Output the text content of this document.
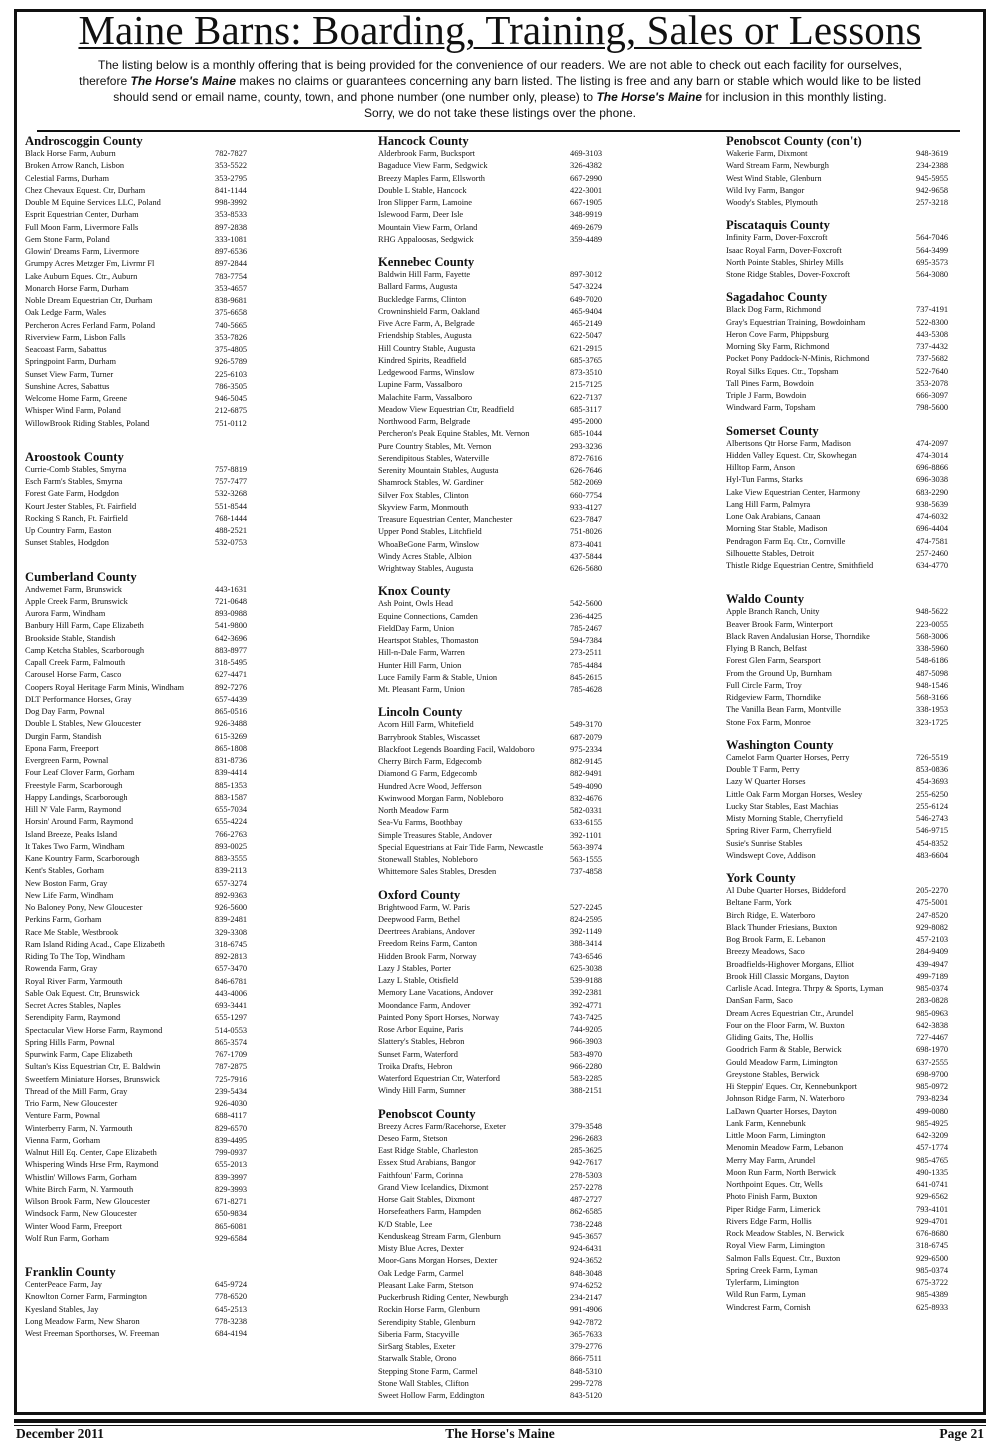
Maine Barns: Boarding, Training, Sales or Lessons
The listing below is a monthly offering that is being provided for the convenience of our readers. We are not able to check out each facility for ourselves,
therefore The Horse's Maine makes no claims or guarantees concerning any barn listed. The listing is free and any barn or stable which would like to be listed
should send or email name, county, town, and phone number (one number only, please) to The Horse's Maine for inclusion in this monthly listing.
Sorry, we do not take these listings over the phone.
Androscoggin County
Black Horse Farm, Auburn	782-7827
Broken Arrow Ranch, Lisbon	353-5522
Celestial Farms, Durham	353-2795
Chez Chevaux Equest. Ctr, Durham	841-1144
Double M Equine Services LLC, Poland	998-3992
Esprit Equestrian Center, Durham	353-8533
Full Moon Farm, Livermore Falls	897-2838
Gem Stone Farm, Poland	333-1081
Glowin' Dreams Farm, Livermore	897-6536
Grumpy Acres Metzger Fm, Livrmr Fl	897-2844
Lake Auburn Eques. Ctr., Auburn	783-7754
Monarch Horse Farm, Durham	353-4657
Noble Dream Equestrian Ctr, Durham	838-9681
Oak Ledge Farm, Wales	375-6658
Percheron Acres Ferland Farm, Poland	740-5665
Riverview Farm, Lisbon Falls	353-7826
Seacoast Farm, Sabattus	375-4805
Springpoint Farm, Durham	926-5789
Sunset View Farm, Turner	225-6103
Sunshine Acres, Sabattus	786-3505
Welcome Home Farm, Greene	946-5045
Whisper Wind Farm, Poland	212-6875
WillowBrook Riding Stables, Poland	751-0112
Aroostook County
Currie-Comb Stables, Smyrna	757-8819
Esch Farm's Stables, Smyrna	757-7477
Forest Gate Farm, Hodgdon	532-3268
Kourt Jester Stables, Ft. Fairfield	551-8544
Rocking S Ranch, Ft. Fairfield	768-1444
Up Country Farm, Easton	488-2521
Sunset Stables, Hodgdon	532-0753
Cumberland County
Andwemet Farm, Brunswick	443-1631
Apple Creek Farm, Brunswick	721-0648
Aurora Farm, Windham	893-0988
Banbury Hill Farm, Cape Elizabeth	541-9800
Brookside Stable, Standish	642-3696
Camp Ketcha Stables, Scarborough	883-8977
Capall Creek Farm, Falmouth	318-5495
Carousel Horse Farm, Casco	627-4471
Coopers Royal Heritage Farm Minis, Windham	892-7276
DLT Performance Horses, Gray	657-4439
Dog Day Farm, Pownal	865-0516
Double L Stables, New Gloucester	926-3488
Durgin Farm, Standish	615-3269
Epona Farm, Freeport	865-1808
Evergreen Farm, Pownal	831-8736
Four Leaf Clover Farm, Gorham	839-4414
Freestyle Farm, Scarborough	885-1353
Happy Landings, Scarborough	883-1587
Hill N' Vale Farm, Raymond	655-7034
Horsin' Around Farm, Raymond	655-4224
Island Breeze, Peaks Island	766-2763
It Takes Two Farm, Windham	893-0025
Kane Kountry Farm, Scarborough	883-3555
Kent's Stables, Gorham	839-2113
New Boston Farm, Gray	657-3274
New Life Farm, Windham	892-9363
No Baloney Pony, New Gloucester	926-5600
Perkins Farm, Gorham	839-2481
Race Me Stable, Westbrook	329-3308
Ram Island Riding Acad., Cape Elizabeth	318-6745
Riding To The Top, Windham	892-2813
Rowenda Farm, Gray	657-3470
Royal River Farm, Yarmouth	846-6781
Sable Oak Equest. Ctr, Brunswick	443-4006
Secret Acres Stables, Naples	693-3441
Serendipity Farm, Raymond	655-1297
Spectacular View Horse Farm, Raymond	514-0553
Spring Hills Farm, Pownal	865-3574
Spurwink Farm, Cape Elizabeth	767-1709
Sultan's Kiss Equestrian Ctr, E. Baldwin	787-2875
Sweetfern Miniature Horses, Brunswick	725-7916
Thread of the Mill Farm, Gray	239-5434
Trio Farm, New Gloucester	926-4030
Venture Farm, Pownal	688-4117
Winterberry Farm, N. Yarmouth	829-6570
Vienna Farm, Gorham	839-4495
Walnut Hill Eq. Center, Cape Elizabeth	799-0937
Whispering Winds Hrse Frm, Raymond	655-2013
Whistlin' Willows Farm, Gorham	839-3997
White Birch Farm, N. Yarmouth	829-3993
Wilson Brook Farm, New Gloucester	671-8271
Windsock Farm, New Gloucester	650-9834
Winter Wood Farm, Freeport	865-6081
Wolf Run Farm, Gorham	929-6584
Franklin County
CenterPeace Farm, Jay	645-9724
Knowlton Corner Farm, Farmington	778-6520
Kyesland Stables, Jay	645-2513
Long Meadow Farm, New Sharon	778-3238
West Freeman Sporthorses, W. Freeman	684-4194
Hancock County
Alderbrook Farm, Bucksport	469-3103
Bagaduce View Farm, Sedgwick	326-4382
Breezy Maples Farm, Ellsworth	667-2990
Double L Stable, Hancock	422-3001
Iron Slipper Farm, Lamoine	667-1905
Islewood Farm, Deer Isle	348-9919
Mountain View Farm, Orland	469-2679
RHG Appaloosas, Sedgwick	359-4489
Kennebec County
Baldwin Hill Farm, Fayette	897-3012
Ballard Farms, Augusta	547-3224
Buckledge Farms, Clinton	649-7020
Crowninshield Farm, Oakland	465-9404
Five Acre Farm, A, Belgrade	465-2149
Friendship Stables, Augusta	622-5047
Hill Country Stable, Augusta	621-2915
Kindred Spirits, Readfield	685-3765
Ledgewood Farms, Winslow	873-3510
Lupine Farm, Vassalboro	215-7125
Malachite Farm, Vassalboro	622-7137
Meadow View Equestrian Ctr, Readfield	685-3117
Northwood Farm, Belgrade	495-2000
Percheron's Peak Equine Stables, Mt. Vernon	685-1044
Pure Country Stables, Mt. Vernon	293-3236
Serendipitous Stables, Waterville	872-7616
Serenity Mountain Stables, Augusta	626-7646
Shamrock Stables, W. Gardiner	582-2069
Silver Fox Stables, Clinton	660-7754
Skyview Farm, Monmouth	933-4127
Treasure Equestrian Center, Manchester	623-7847
Upper Pond Stables, Litchfield	751-8026
WhoaBeGone Farm, Winslow	873-4041
Windy Acres Stable, Albion	437-5844
Wrightway Stables, Augusta	626-5680
Knox County
Ash Point, Owls Head	542-5600
Equine Connections, Camden	236-4425
FieldDay Farm, Union	785-2467
Heartspot Stables, Thomaston	594-7384
Hill-n-Dale Farm, Warren	273-2511
Hunter Hill Farm, Union	785-4484
Luce Family Farm & Stable, Union	845-2615
Mt. Pleasant Farm, Union	785-4628
Lincoln County
Acorn Hill Farm, Whitefield	549-3170
Barrybrook Stables, Wiscasset	687-2079
Blackfoot Legends Boarding Facil, Waldoboro	975-2334
Cherry Birch Farm, Edgecomb	882-9145
Diamond G Farm, Edgecomb	882-9491
Hundred Acre Wood, Jefferson	549-4090
Kwinwood Morgan Farm, Nobleboro	832-4676
North Meadow Farm	582-0331
Sea-Vu Farms, Boothbay	633-6155
Simple Treasures Stable, Andover	392-1101
Special Equestrians at Fair Tide Farm, Newcastle	563-3974
Stonewall Stables, Nobleboro	563-1555
Whittemore Sales Stables, Dresden	737-4858
Oxford County
Brightwood Farm, W. Paris	527-2245
Deepwood Farm, Bethel	824-2595
Deertrees Arabians, Andover	392-1149
Freedom Reins Farm, Canton	388-3414
Hidden Brook Farm, Norway	743-6546
Lazy J Stables, Porter	625-3038
Lazy L Stable, Otisfield	539-9188
Memory Lane Vacations, Andover	392-2381
Moondance Farm, Andover	392-4771
Painted Pony Sport Horses, Norway	743-7425
Rose Arbor Equine, Paris	744-9205
Slattery's Stables, Hebron	966-3903
Sunset Farm, Waterford	583-4970
Troika Drafts, Hebron	966-2280
Waterford Equestrian Ctr, Waterford	583-2285
Windy Hill Farm, Sumner	388-2151
Penobscot County
Breezy Acres Farm/Racehorse, Exeter	379-3548
Deseo Farm, Stetson	296-2683
East Ridge Stable, Charleston	285-3625
Essex Stud Arabians, Bangor	942-7617
Faithfoun' Farm, Corinna	278-5303
Grand View Icelandics, Dixmont	257-2278
Horse Gait Stables, Dixmont	487-2727
Horsefeathers Farm, Hampden	862-6585
K/D Stable, Lee	738-2248
Kenduskeag Stream Farm, Glenburn	945-3657
Misty Blue Acres, Dexter	924-6431
Moor-Gans Morgan Horses, Dexter	924-3652
Oak Ledge Farm, Carmel	848-3048
Pleasant Lake Farm, Stetson	974-6252
Puckerbrush Riding Center, Newburgh	234-2147
Rockin Horse Farm, Glenburn	991-4906
Serendipity Stable, Glenburn	942-7872
Siberia Farm, Stacyville	365-7633
SirSarg Stables, Exeter	379-2776
Starwalk Stable, Orono	866-7511
Stepping Stone Farm, Carmel	848-5310
Stone Wall Stables, Clifton	299-7278
Sweet Hollow Farm, Eddington	843-5120
Penobscot County (con't)
Wakerie Farm, Dixmont	948-3619
Ward Stream Farm, Newburgh	234-2388
West Wind Stable, Glenburn	945-5955
Wild Ivy Farm, Bangor	942-9658
Woody's Stables, Plymouth	257-3218
Piscataquis County
Infinity Farm, Dover-Foxcroft	564-7046
Isaac Royal Farm, Dover-Foxcroft	564-3499
North Pointe Stables, Shirley Mills	695-3573
Stone Ridge Stables, Dover-Foxcroft	564-3080
Sagadahoc County
Black Dog Farm, Richmond	737-4191
Gray's Equestrian Training, Bowdoinham	522-8300
Heron Cove Farm, Phippsburg	443-5308
Morning Sky Farm, Richmond	737-4432
Pocket Pony Paddock-N-Minis, Richmond	737-5682
Royal Silks Eques. Ctr., Topsham	522-7640
Tall Pines Farm, Bowdoin	353-2078
Triple J Farm, Bowdoin	666-3097
Windward Farm, Topsham	798-5600
Somerset County
Albertsons Qtr Horse Farm, Madison	474-2097
Hidden Valley Equest. Ctr, Skowhegan	474-3014
Hilltop Farm, Anson	696-8866
Hyl-Tun Farms, Starks	696-3038
Lake View Equestrian Center, Harmony	683-2290
Lang Hill Farm, Palmyra	938-5639
Lone Oak Arabians, Canaan	474-6032
Morning Star Stable, Madison	696-4404
Pendragon Farm Eq. Ctr., Cornville	474-7581
Silhouette Stables, Detroit	257-2460
Thistle Ridge Equestrian Centre, Smithfield	634-4770
Waldo County
Apple Branch Ranch, Unity	948-5622
Beaver Brook Farm, Winterport	223-0055
Black Raven Andalusian Horse, Thorndike	568-3006
Flying B Ranch, Belfast	338-5960
Forest Glen Farm, Searsport	548-6186
From the Ground Up, Burnham	487-5098
Full Circle Farm, Troy	948-1546
Ridgeview Farm, Thorndike	568-3166
The Vanilla Bean Farm, Montville	338-1953
Stone Fox Farm, Monroe	323-1725
Washington County
Camelot Farm Quarter Horses, Perry	726-5519
Double T Farm, Perry	853-0836
Lazy W Quarter Horses	454-3693
Little Oak Farm Morgan Horses, Wesley	255-6250
Lucky Star Stables, East Machias	255-6124
Misty Morning Stable, Cherryfield	546-2743
Spring River Farm, Cherryfield	546-9715
Susie's Sunrise Stables	454-8352
Windswept Cove, Addison	483-6604
York County
Al Dube Quarter Horses, Biddeford	205-2270
Beltane Farm, York	475-5001
Birch Ridge, E. Waterboro	247-8520
Black Thunder Friesians, Buxton	929-8082
Bog Brook Farm, E. Lebanon	457-2103
Breezy Meadows, Saco	284-9409
Broadfields-Highover Morgans, Elliot	439-4947
Brook Hill Classic Morgans, Dayton	499-7189
Carlisle Acad. Integra. Thrpy & Sports, Lyman	985-0374
DanSan Farm, Saco	283-0828
Dream Acres Equestrian Ctr., Arundel	985-0963
Four on the Floor Farm, W. Buxton	642-3838
Gliding Gaits, The, Hollis	727-4467
Goodrich Farm & Stable, Berwick	698-1970
Gould Meadow Farm, Limington	637-2555
Greystone Stables, Berwick	698-9700
Hi Steppin' Eques. Ctr, Kennebunkport	985-0972
Johnson Ridge Farm, N. Waterboro	793-8234
LaDawn Quarter Horses, Dayton	499-0080
Lank Farm, Kennebunk	985-4925
Little Moon Farm, Limington	642-3209
Menomin Meadow Farm, Lebanon	457-1774
Merry May Farm, Arundel	985-4765
Moon Run Farm, North Berwick	490-1335
Northpoint Eques. Ctr, Wells	641-0741
Photo Finish Farm, Buxton	929-6562
Piper Ridge Farm, Limerick	793-4101
Rivers Edge Farm, Hollis	929-4701
Rock Meadow Stables, N. Berwick	676-8680
Royal View Farm, Limington	318-6745
Salmon Falls Equest. Ctr., Buxton	929-6500
Spring Creek Farm, Lyman	985-0374
Tylerfarm, Limington	675-3722
Wild Run Farm, Lyman	985-4389
Windcrest Farm, Cornish	625-8933
December 2011	The Horse's Maine	Page 21
